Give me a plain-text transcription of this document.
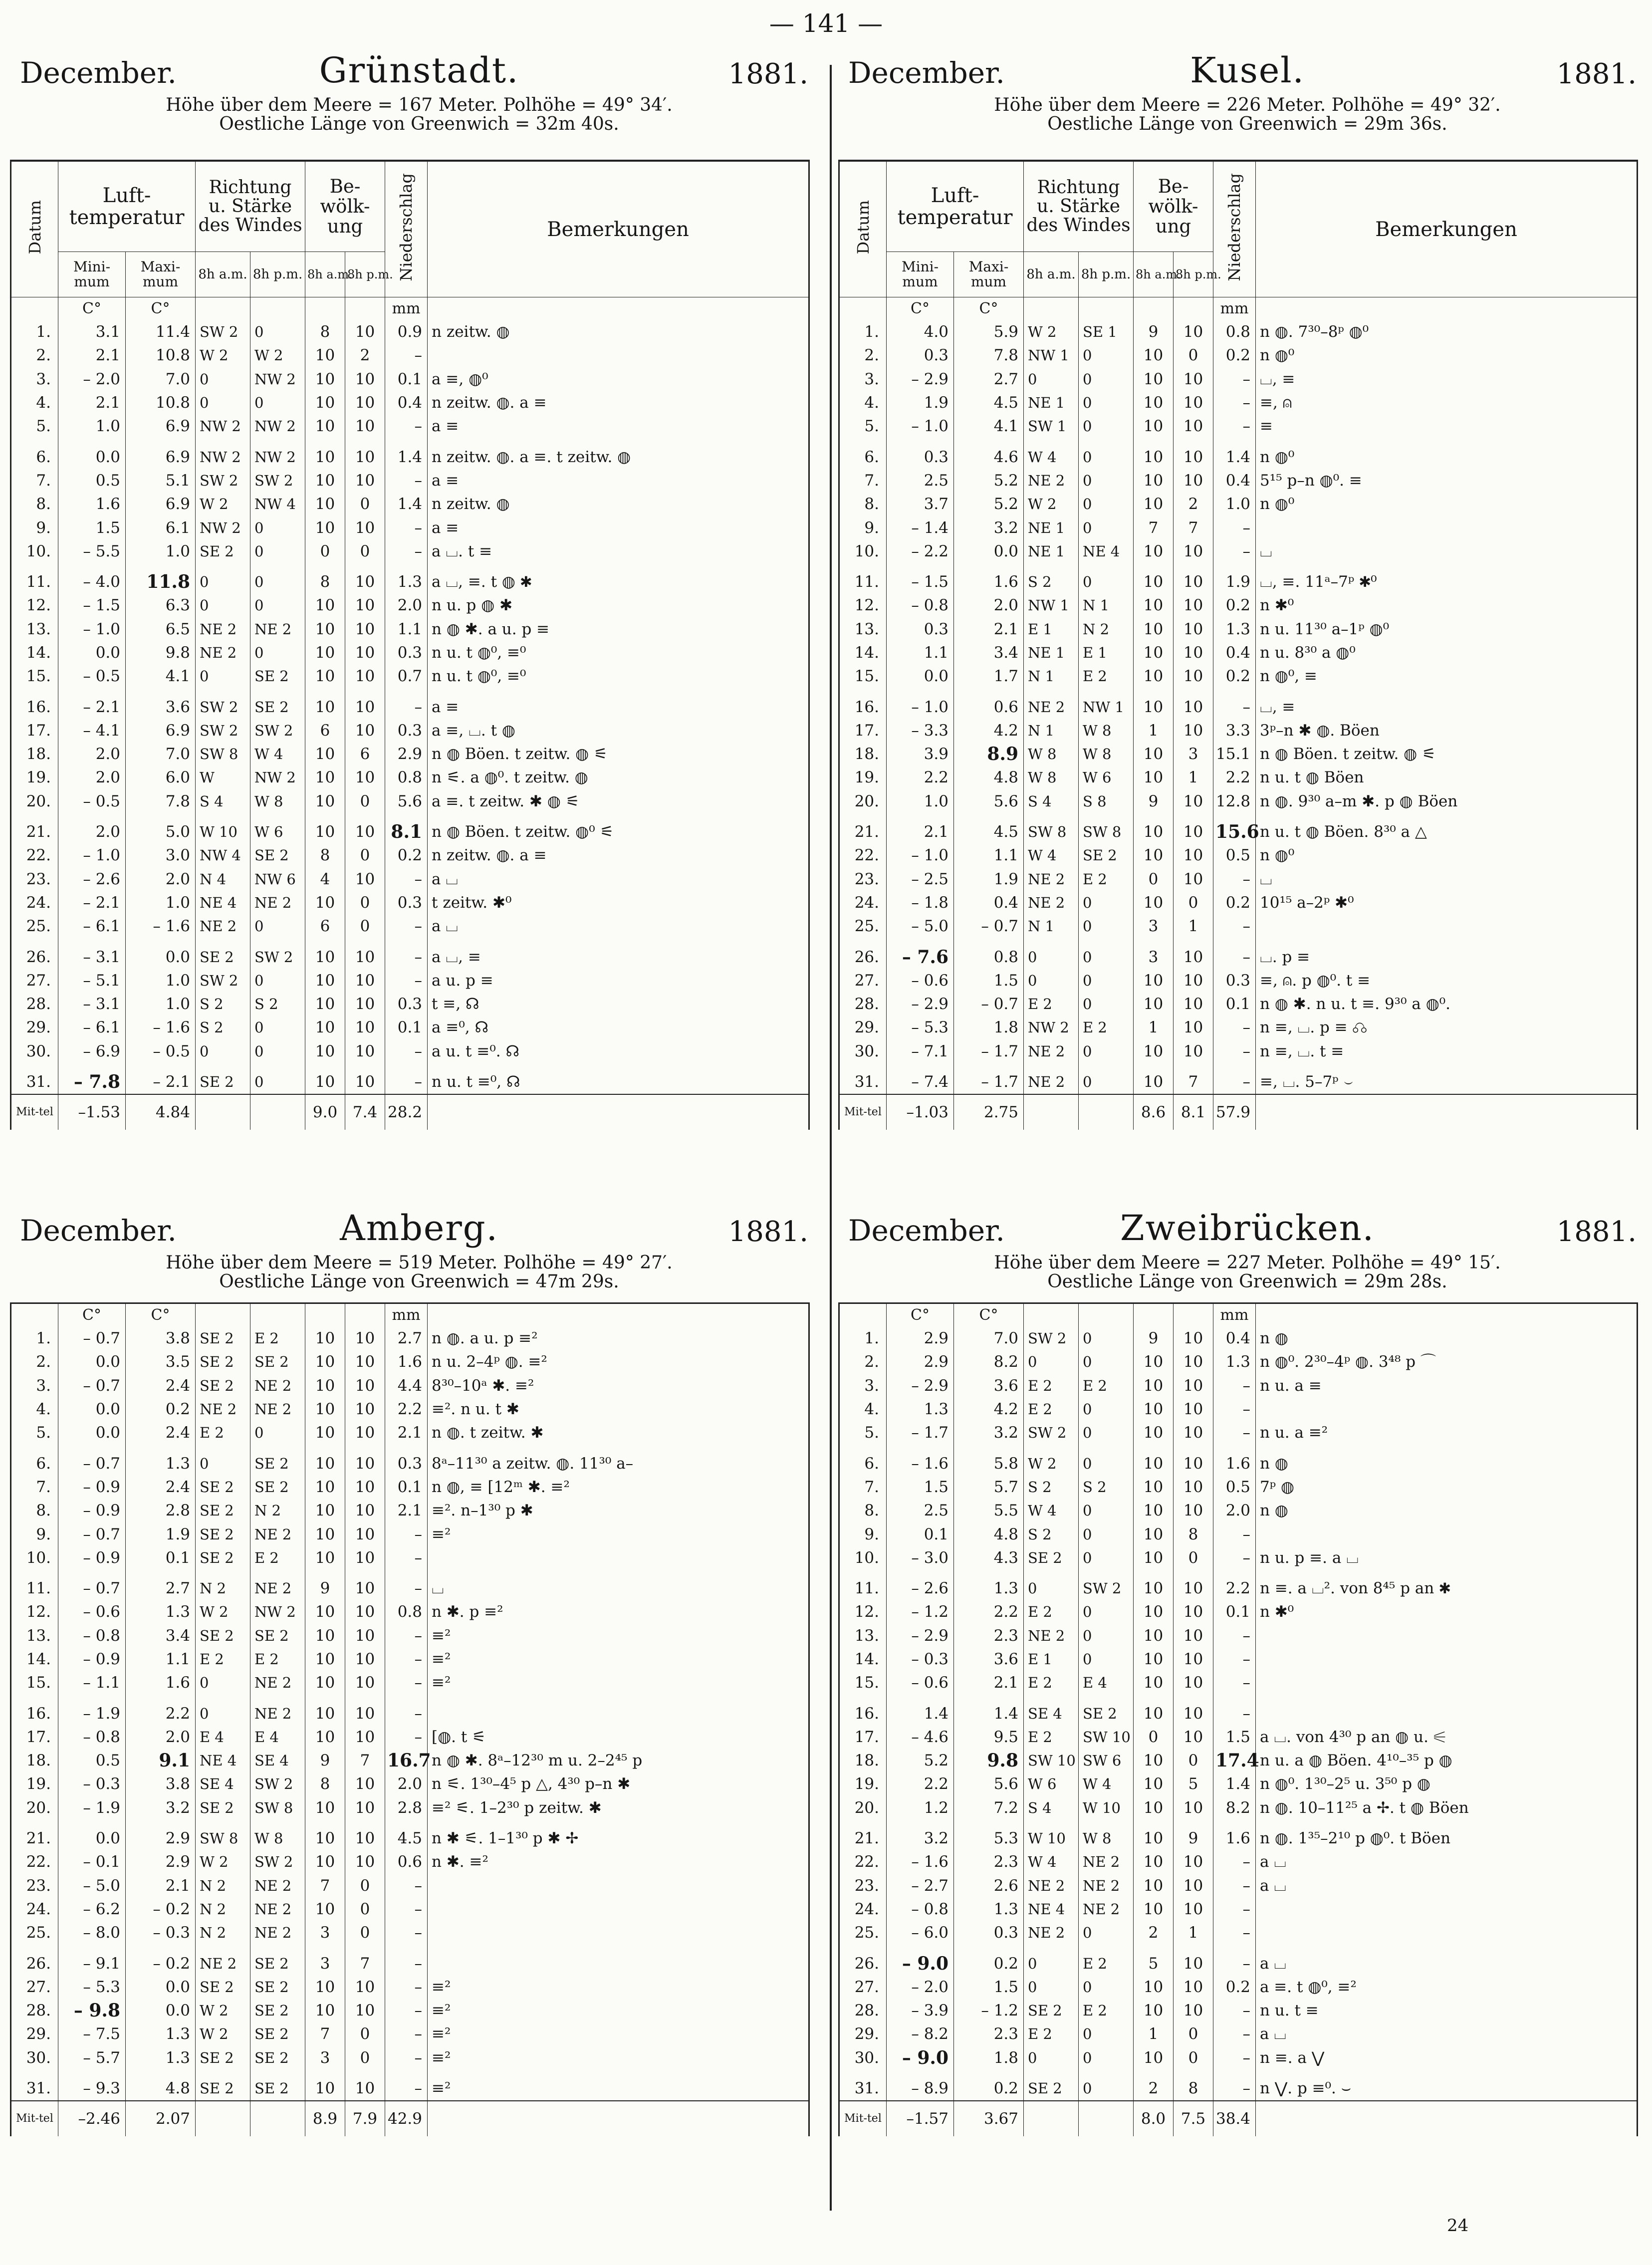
— 141 —
Grünstadt.
December.	1881.
Höhe über dem Meere = 167 Meter. Polhöhe = 49° 34′.
Oestliche Länge von Greenwich = 32m 40s.
Datum	Luft-temperatur		Richtung u. Stärke des Windes		Be-wölk-ung		Niederschlag	Bemerkungen
	Mini-mum	Maxi-mum	8h a.m.	8h p.m.	8h a.m.	8h p.m.		
	C°	C°					mm	
1.	3.1	11.4	SW 2	0	8	10	0.9	n zeitw. ◍
2.	2.1	10.8	W 2	W 2	10	2	–	
3.	– 2.0	7.0	0	NW 2	10	10	0.1	a ≡, ◍⁰
4.	2.1	10.8	0	0	10	10	0.4	n zeitw. ◍. a ≡
5.	1.0	6.9	NW 2	NW 2	10	10	–	a ≡

6.	0.0	6.9	NW 2	NW 2	10	10	1.4	n zeitw. ◍. a ≡. t zeitw. ◍
7.	0.5	5.1	SW 2	SW 2	10	10	–	a ≡
8.	1.6	6.9	W 2	NW 4	10	0	1.4	n zeitw. ◍
9.	1.5	6.1	NW 2	0	10	10	–	a ≡
10.	– 5.5	1.0	SE 2	0	0	0	–	a ⌴. t ≡

11.	– 4.0	11.8	0	0	8	10	1.3	a ⌴, ≡. t ◍ ✱
12.	– 1.5	6.3	0	0	10	10	2.0	n u. p ◍ ✱
13.	– 1.0	6.5	NE 2	NE 2	10	10	1.1	n ◍ ✱. a u. p ≡
14.	0.0	9.8	NE 2	0	10	10	0.3	n u. t ◍⁰, ≡⁰
15.	– 0.5	4.1	0	SE 2	10	10	0.7	n u. t ◍⁰, ≡⁰

16.	– 2.1	3.6	SW 2	SE 2	10	10	–	a ≡
17.	– 4.1	6.9	SW 2	SW 2	6	10	0.3	a ≡, ⌴. t ◍
18.	2.0	7.0	SW 8	W 4	10	6	2.9	n ◍ Böen. t zeitw. ◍ ⚟
19.	2.0	6.0	W	NW 2	10	10	0.8	n ⚟. a ◍⁰. t zeitw. ◍
20.	– 0.5	7.8	S 4	W 8	10	0	5.6	a ≡. t zeitw. ✱ ◍ ⚟

21.	2.0	5.0	W 10	W 6	10	10	8.1	n ◍ Böen. t zeitw. ◍⁰ ⚟
22.	– 1.0	3.0	NW 4	SE 2	8	0	0.2	n zeitw. ◍. a ≡
23.	– 2.6	2.0	N 4	NW 6	4	10	–	a ⌴
24.	– 2.1	1.0	NE 4	NE 2	10	0	0.3	t zeitw. ✱⁰
25.	– 6.1	– 1.6	NE 2	0	6	0	–	a ⌴

26.	– 3.1	0.0	SE 2	SW 2	10	10	–	a ⌴, ≡
27.	– 5.1	1.0	SW 2	0	10	10	–	a u. p ≡
28.	– 3.1	1.0	S 2	S 2	10	10	0.3	t ≡, ☊
29.	– 6.1	– 1.6	S 2	0	10	10	0.1	a ≡⁰, ☊
30.	– 6.9	– 0.5	0	0	10	10	–	a u. t ≡⁰. ☊

31.	– 7.8	– 2.1	SE 2	0	10	10	–	n u. t ≡⁰, ☊
Mit-tel	–1.53	4.84			9.0	7.4	28.2	
Kusel.
December.	1881.
Höhe über dem Meere = 226 Meter. Polhöhe = 49° 32′.
Oestliche Länge von Greenwich = 29m 36s.
Datum	Luft-temperatur		Richtung u. Stärke des Windes		Be-wölk-ung		Niederschlag	Bemerkungen
	Mini-mum	Maxi-mum	8h a.m.	8h p.m.	8h a.m.	8h p.m.		
	C°	C°					mm	
1.	4.0	5.9	W 2	SE 1	9	10	0.8	n ◍. 7³⁰–8ᵖ ◍⁰
2.	0.3	7.8	NW 1	0	10	0	0.2	n ◍⁰
3.	– 2.9	2.7	0	0	10	10	–	⌴, ≡
4.	1.9	4.5	NE 1	0	10	10	–	≡, ⍝
5.	– 1.0	4.1	SW 1	0	10	10	–	≡

6.	0.3	4.6	W 4	0	10	10	1.4	n ◍⁰
7.	2.5	5.2	NE 2	0	10	10	0.4	5¹⁵ p–n ◍⁰. ≡
8.	3.7	5.2	W 2	0	10	2	1.0	n ◍⁰
9.	– 1.4	3.2	NE 1	0	7	7	–	
10.	– 2.2	0.0	NE 1	NE 4	10	10	–	⌴

11.	– 1.5	1.6	S 2	0	10	10	1.9	⌴, ≡. 11ᵃ–7ᵖ ✱⁰
12.	– 0.8	2.0	NW 1	N 1	10	10	0.2	n ✱⁰
13.	0.3	2.1	E 1	N 2	10	10	1.3	n u. 11³⁰ a–1ᵖ ◍⁰
14.	1.1	3.4	NE 1	E 1	10	10	0.4	n u. 8³⁰ a ◍⁰
15.	0.0	1.7	N 1	E 2	10	10	0.2	n ◍⁰, ≡

16.	– 1.0	0.6	NE 2	NW 1	10	10	–	⌴, ≡
17.	– 3.3	4.2	N 1	W 8	1	10	3.3	3ᵖ–n ✱ ◍. Böen
18.	3.9	8.9	W 8	W 8	10	3	15.1	n ◍ Böen. t zeitw. ◍ ⚟
19.	2.2	4.8	W 8	W 6	10	1	2.2	n u. t ◍ Böen
20.	1.0	5.6	S 4	S 8	9	10	12.8	n ◍. 9³⁰ a–m ✱. p ◍ Böen

21.	2.1	4.5	SW 8	SW 8	10	10	15.6	n u. t ◍ Böen. 8³⁰ a △
22.	– 1.0	1.1	W 4	SE 2	10	10	0.5	n ◍⁰
23.	– 2.5	1.9	NE 2	E 2	0	10	–	⌴
24.	– 1.8	0.4	NE 2	0	10	0	0.2	10¹⁵ a–2ᵖ ✱⁰
25.	– 5.0	– 0.7	N 1	0	3	1	–	

26.	– 7.6	0.8	0	0	3	10	–	⌴. p ≡
27.	– 0.6	1.5	0	0	10	10	0.3	≡, ⍝. p ◍⁰. t ≡
28.	– 2.9	– 0.7	E 2	0	10	10	0.1	n ◍ ✱. n u. t ≡. 9³⁰ a ◍⁰.
29.	– 5.3	1.8	NW 2	E 2	1	10	–	n ≡, ⌴. p ≡ ☊
30.	– 7.1	– 1.7	NE 2	0	10	10	–	n ≡, ⌴. t ≡

31.	– 7.4	– 1.7	NE 2	0	10	7	–	≡, ⌴. 5–7ᵖ ⌣
Mit-tel	–1.03	2.75			8.6	8.1	57.9	
Amberg.
December.	1881.
Höhe über dem Meere = 519 Meter. Polhöhe = 49° 27′.
Oestliche Länge von Greenwich = 47m 29s.
	C°	C°					mm	
1.	– 0.7	3.8	SE 2	E 2	10	10	2.7	n ◍. a u. p ≡²
2.	0.0	3.5	SE 2	SE 2	10	10	1.6	n u. 2–4ᵖ ◍. ≡²
3.	– 0.7	2.4	SE 2	NE 2	10	10	4.4	8³⁰–10ᵃ ✱. ≡²
4.	0.0	0.2	NE 2	NE 2	10	10	2.2	≡². n u. t ✱
5.	0.0	2.4	E 2	0	10	10	2.1	n ◍. t zeitw. ✱

6.	– 0.7	1.3	0	SE 2	10	10	0.3	8ᵃ–11³⁰ a zeitw. ◍. 11³⁰ a–
7.	– 0.9	2.4	SE 2	SE 2	10	10	0.1	n ◍, ≡ [12ᵐ ✱. ≡²
8.	– 0.9	2.8	SE 2	N 2	10	10	2.1	≡². n–1³⁰ p ✱
9.	– 0.7	1.9	SE 2	NE 2	10	10	–	≡²
10.	– 0.9	0.1	SE 2	E 2	10	10	–	

11.	– 0.7	2.7	N 2	NE 2	9	10	–	⌴
12.	– 0.6	1.3	W 2	NW 2	10	10	0.8	n ✱. p ≡²
13.	– 0.8	3.4	SE 2	SE 2	10	10	–	≡²
14.	– 0.9	1.1	E 2	E 2	10	10	–	≡²
15.	– 1.1	1.6	0	NE 2	10	10	–	≡²

16.	– 1.9	2.2	0	NE 2	10	10	–	
17.	– 0.8	2.0	E 4	E 4	10	10	–	[◍. t ⚟
18.	0.5	9.1	NE 4	SE 4	9	7	16.7	n ◍ ✱. 8ᵃ–12³⁰ m u. 2–2⁴⁵ p
19.	– 0.3	3.8	SE 4	SW 2	8	10	2.0	n ⚟. 1³⁰–4⁵ p △, 4³⁰ p–n ✱
20.	– 1.9	3.2	SE 2	SW 8	10	10	2.8	≡² ⚟. 1–2³⁰ p zeitw. ✱

21.	0.0	2.9	SW 8	W 8	10	10	4.5	n ✱ ⚟. 1–1³⁰ p ✱ ✢
22.	– 0.1	2.9	W 2	SW 2	10	10	0.6	n ✱. ≡²
23.	– 5.0	2.1	N 2	NE 2	7	0	–	
24.	– 6.2	– 0.2	N 2	NE 2	10	0	–	
25.	– 8.0	– 0.3	N 2	NE 2	3	0	–	

26.	– 9.1	– 0.2	NE 2	SE 2	3	7	–	
27.	– 5.3	0.0	SE 2	SE 2	10	10	–	≡²
28.	– 9.8	0.0	W 2	SE 2	10	10	–	≡²
29.	– 7.5	1.3	W 2	SE 2	7	0	–	≡²
30.	– 5.7	1.3	SE 2	SE 2	3	0	–	≡²

31.	– 9.3	4.8	SE 2	SE 2	10	10	–	≡²
Mit-tel	–2.46	2.07			8.9	7.9	42.9	
Zweibrücken.
December.	1881.
Höhe über dem Meere = 227 Meter. Polhöhe = 49° 15′.
Oestliche Länge von Greenwich = 29m 28s.
	C°	C°					mm	
1.	2.9	7.0	SW 2	0	9	10	0.4	n ◍
2.	2.9	8.2	0	0	10	10	1.3	n ◍⁰. 2³⁰–4ᵖ ◍. 3⁴⁸ p ⌒
3.	– 2.9	3.6	E 2	E 2	10	10	–	n u. a ≡
4.	1.3	4.2	E 2	0	10	10	–	
5.	– 1.7	3.2	SW 2	0	10	10	–	n u. a ≡²

6.	– 1.6	5.8	W 2	0	10	10	1.6	n ◍
7.	1.5	5.7	S 2	S 2	10	10	0.5	7ᵖ ◍
8.	2.5	5.5	W 4	0	10	10	2.0	n ◍
9.	0.1	4.8	S 2	0	10	8	–	
10.	– 3.0	4.3	SE 2	0	10	0	–	n u. p ≡. a ⌴

11.	– 2.6	1.3	0	SW 2	10	10	2.2	n ≡. a ⌴². von 8⁴⁵ p an ✱
12.	– 1.2	2.2	E 2	0	10	10	0.1	n ✱⁰
13.	– 2.9	2.3	NE 2	0	10	10	–	
14.	– 0.3	3.6	E 1	0	10	10	–	
15.	– 0.6	2.1	E 2	E 4	10	10	–	

16.	1.4	1.4	SE 4	SE 2	10	10	–	
17.	– 4.6	9.5	E 2	SW 10	0	10	1.5	a ⌴. von 4³⁰ p an ◍ u. ⚟
18.	5.2	9.8	SW 10	SW 6	10	0	17.4	n u. a ◍ Böen. 4¹⁰–³⁵ p ◍
19.	2.2	5.6	W 6	W 4	10	5	1.4	n ◍⁰. 1³⁰–2⁵ u. 3⁵⁰ p ◍
20.	1.2	7.2	S 4	W 10	10	10	8.2	n ◍. 10–11²⁵ a ✢. t ◍ Böen

21.	3.2	5.3	W 10	W 8	10	9	1.6	n ◍. 1³⁵–2¹⁰ p ◍⁰. t Böen
22.	– 1.6	2.3	W 4	NE 2	10	10	–	a ⌴
23.	– 2.7	2.6	NE 2	NE 2	10	10	–	a ⌴
24.	– 0.8	1.3	NE 4	NE 2	10	10	–	
25.	– 6.0	0.3	NE 2	0	2	1	–	

26.	– 9.0	0.2	0	E 2	5	10	–	a ⌴
27.	– 2.0	1.5	0	0	10	10	0.2	a ≡. t ◍⁰, ≡²
28.	– 3.9	– 1.2	SE 2	E 2	10	10	–	n u. t ≡
29.	– 8.2	2.3	E 2	0	1	0	–	a ⌴
30.	– 9.0	1.8	0	0	10	0	–	n ≡. a ⋁

31.	– 8.9	0.2	SE 2	0	2	8	–	n ⋁. p ≡⁰. ⌣
Mit-tel	–1.57	3.67			8.0	7.5	38.4	
24
